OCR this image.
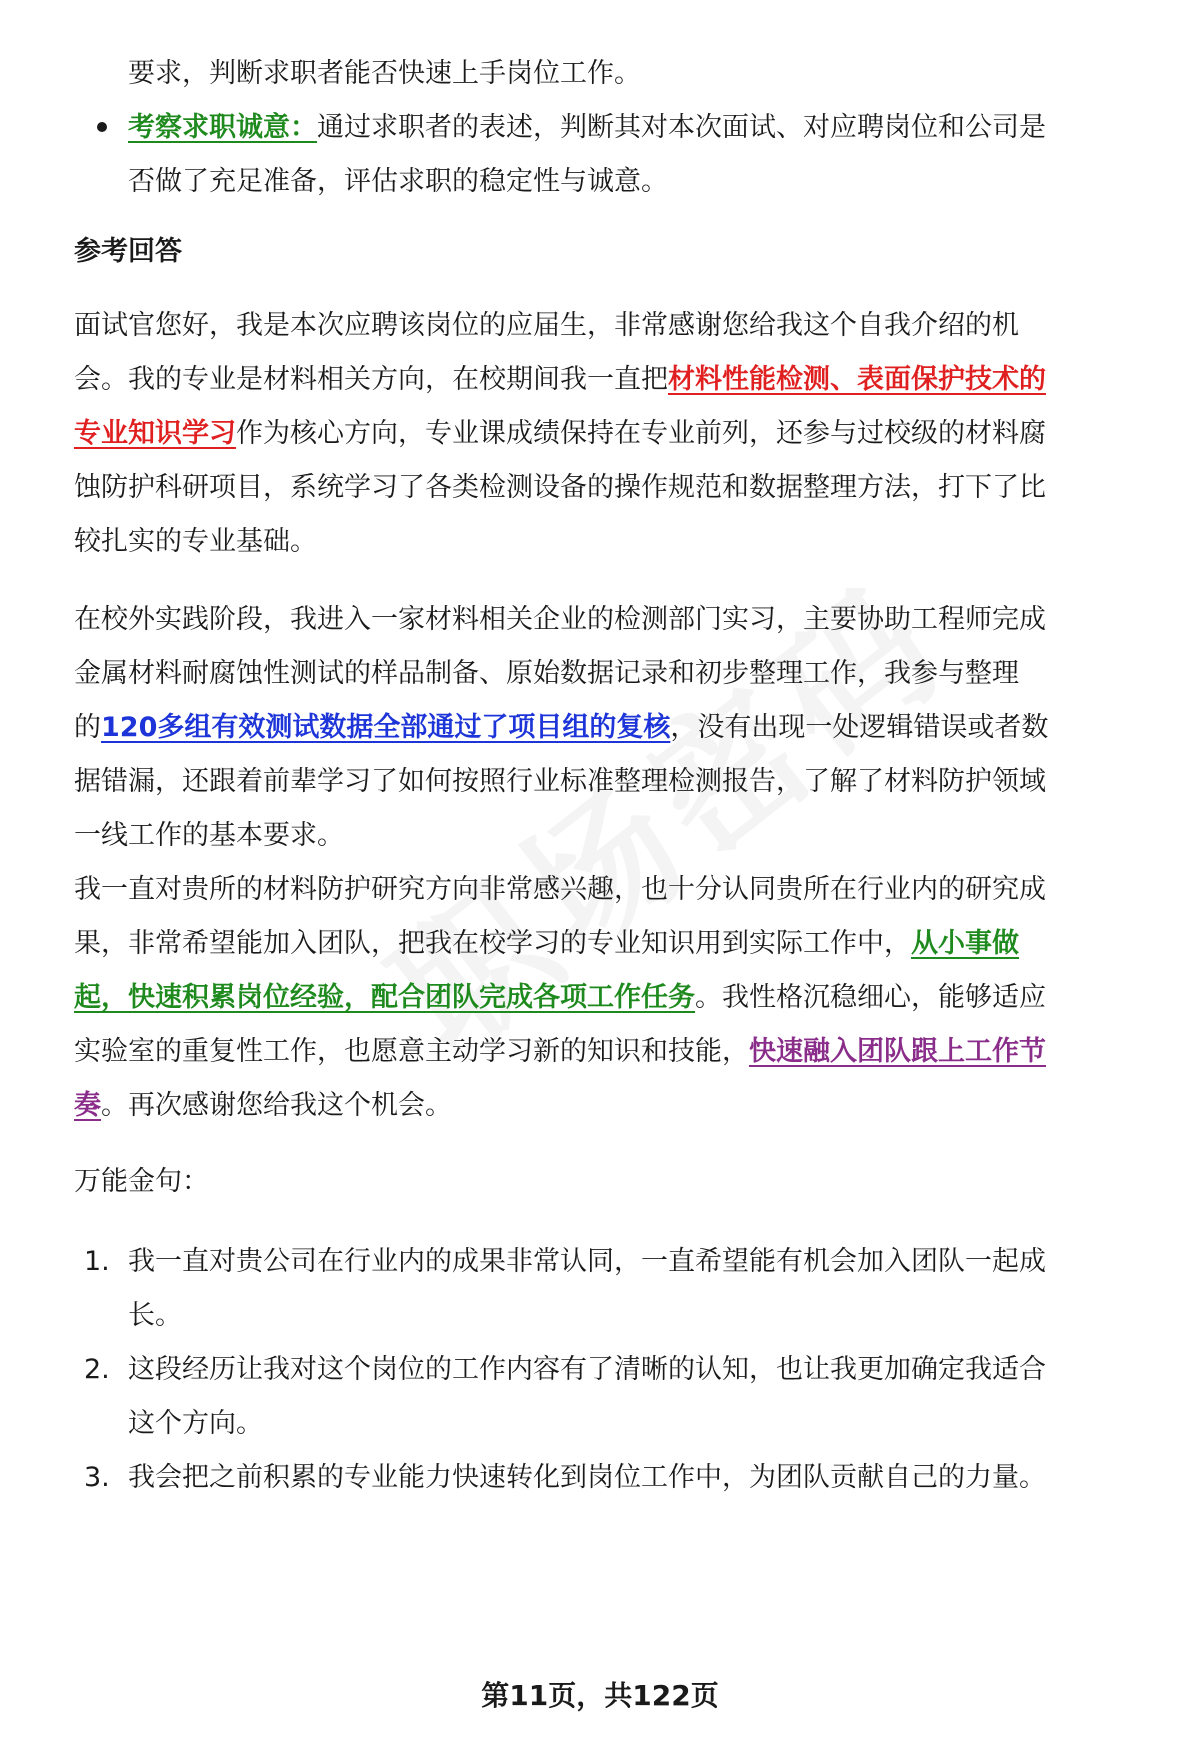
要求，判断求职者能否快速上手岗位工作。
考察求职诚意：通过求职者的表述，判断其对本次面试、对应聘岗位和公司是
否做了充足准备，评估求职的稳定性与诚意。
参考回答
面试官您好，我是本次应聘该岗位的应届生，非常感谢您给我这个自我介绍的机
会。我的专业是材料相关方向，在校期间我一直把材料性能检测、表面保护技术的
专业知识学习作为核心方向，专业课成绩保持在专业前列，还参与过校级的材料腐
蚀防护科研项目，系统学习了各类检测设备的操作规范和数据整理方法，打下了比
较扎实的专业基础。
在校外实践阶段，我进入一家材料相关企业的检测部门实习，主要协助工程师完成
金属材料耐腐蚀性测试的样品制备、原始数据记录和初步整理工作，我参与整理
的120多组有效测试数据全部通过了项目组的复核，没有出现一处逻辑错误或者数
据错漏，还跟着前辈学习了如何按照行业标准整理检测报告，了解了材料防护领域
一线工作的基本要求。
我一直对贵所的材料防护研究方向非常感兴趣，也十分认同贵所在行业内的研究成
果，非常希望能加入团队，把我在校学习的专业知识用到实际工作中，从小事做
起，快速积累岗位经验，配合团队完成各项工作任务。我性格沉稳细心，能够适应
实验室的重复性工作，也愿意主动学习新的知识和技能，快速融入团队跟上工作节
奏。再次感谢您给我这个机会。
万能金句：
1. 我一直对贵公司在行业内的成果非常认同，一直希望能有机会加入团队一起成
长。
2. 这段经历让我对这个岗位的工作内容有了清晰的认知，也让我更加确定我适合
这个方向。
3. 我会把之前积累的专业能力快速转化到岗位工作中，为团队贡献自己的力量。
第11页，共122页
